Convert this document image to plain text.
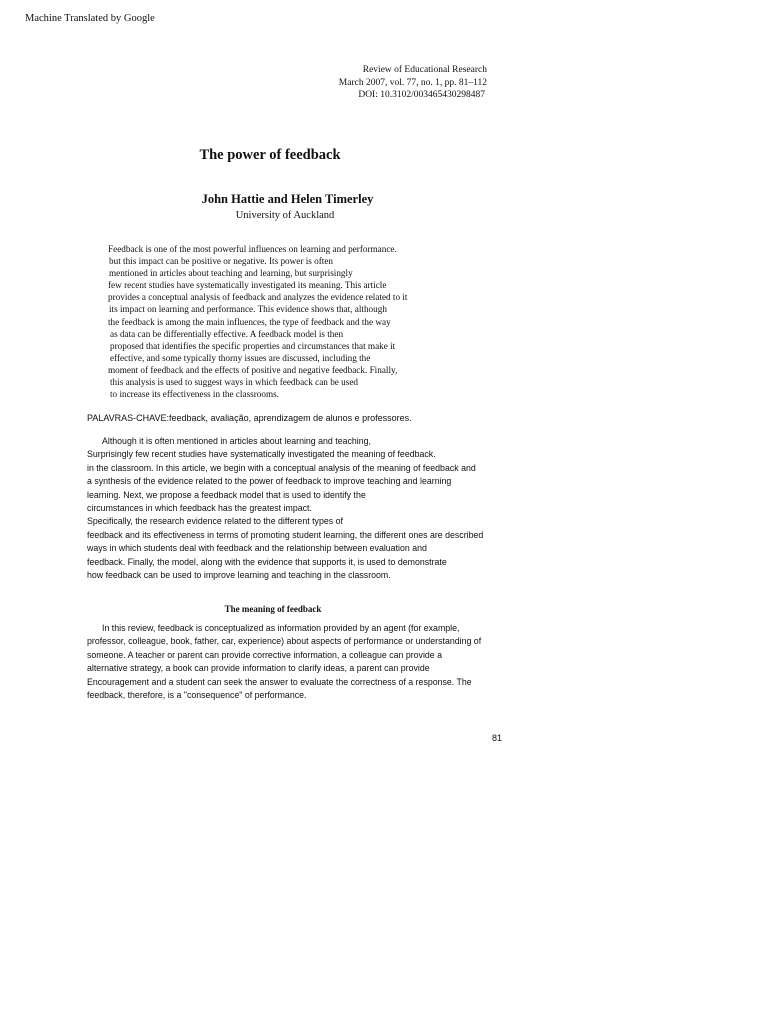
Machine Translated by Google
Review of Educational Research
March 2007, vol. 77, no. 1, pp. 81–112
DOI: 10.3102/003465430298487
The power of feedback
John Hattie and Helen Timerley
University of Auckland
Feedback is one of the most powerful influences on learning and performance.
but this impact can be positive or negative. Its power is often
mentioned in articles about teaching and learning, but surprisingly
few recent studies have systematically investigated its meaning. This article
provides a conceptual analysis of feedback and analyzes the evidence related to it
its impact on learning and performance. This evidence shows that, although
the feedback is among the main influences, the type of feedback and the way
as data can be differentially effective. A feedback model is then
proposed that identifies the specific properties and circumstances that make it
effective, and some typically thorny issues are discussed, including the
moment of feedback and the effects of positive and negative feedback. Finally,
this analysis is used to suggest ways in which feedback can be used
to increase its effectiveness in the classrooms.
PALAVRAS-CHAVE:feedback, avaliação, aprendizagem de alunos e professores.
Although it is often mentioned in articles about learning and teaching,
Surprisingly few recent studies have systematically investigated the meaning of feedback.
in the classroom. In this article, we begin with a conceptual analysis of the meaning of feedback and
a synthesis of the evidence related to the power of feedback to improve teaching and learning
learning. Next, we propose a feedback model that is used to identify the
circumstances in which feedback has the greatest impact.
Specifically, the research evidence related to the different types of
feedback and its effectiveness in terms of promoting student learning, the different ones are described
ways in which students deal with feedback and the relationship between evaluation and
feedback. Finally, the model, along with the evidence that supports it, is used to demonstrate
how feedback can be used to improve learning and teaching in the classroom.
The meaning of feedback
In this review, feedback is conceptualized as information provided by an agent (for example,
professor, colleague, book, father, car, experience) about aspects of performance or understanding of
someone. A teacher or parent can provide corrective information, a colleague can provide a
alternative strategy, a book can provide information to clarify ideas, a parent can provide
Encouragement and a student can seek the answer to evaluate the correctness of a response. The
feedback, therefore, is a "consequence" of performance.
81
